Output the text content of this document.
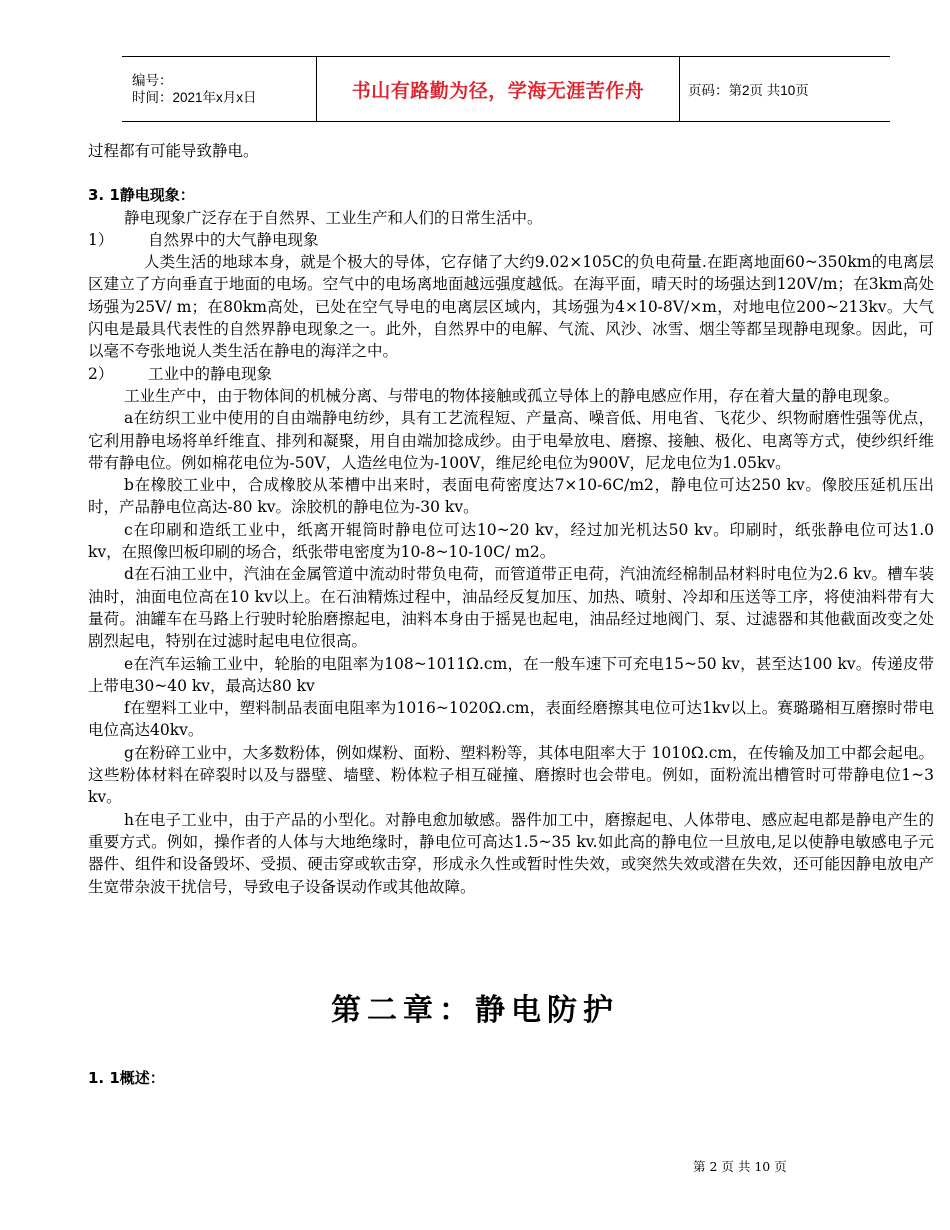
编号：
时间：2021年x月x日	书山有路勤为径，学海无涯苦作舟	页码：第2页 共10页

过程都有可能导致静电。

3. 1静电现象：

静电现象广泛存在于自然界、工业生产和人们的日常生活中。

1）	自然界中的大气静电现象

人类生活的地球本身，就是个极大的导体，它存储了大约9.02×105C的负电荷量.在距离地面60~350km的电离层区建立了方向垂直于地面的电场。空气中的电场离地面越远强度越低。在海平面，晴天时的场强达到120V/m；在3km高处场强为25V/ m；在80km高处，已处在空气导电的电离层区域内，其场强为4×10-8V/×m，对地电位200~213kv。大气闪电是最具代表性的自然界静电现象之一。此外，自然界中的电解、气流、风沙、冰雪、烟尘等都呈现静电现象。因此，可以毫不夸张地说人类生活在静电的海洋之中。

2）	工业中的静电现象

工业生产中，由于物体间的机械分离、与带电的物体接触或孤立导体上的静电感应作用，存在着大量的静电现象。

a在纺织工业中使用的自由端静电纺纱，具有工艺流程短、产量高、噪音低、用电省、飞花少、织物耐磨性强等优点，它利用静电场将单纤维直、排列和凝聚，用自由端加捻成纱。由于电晕放电、磨擦、接触、极化、电离等方式，使纱织纤维带有静电位。例如棉花电位为-50V，人造丝电位为-100V，维尼纶电位为900V，尼龙电位为1.05kv。

b在橡胶工业中，合成橡胶从苯槽中出来时，表面电荷密度达7×10-6C/m2，静电位可达250 kv。像胶压延机压出时，产品静电位高达-80 kv。涂胶机的静电位为-30 kv。

c在印刷和造纸工业中，纸离开辊筒时静电位可达10~20 kv，经过加光机达50 kv。印刷时，纸张静电位可达1.0 kv，在照像凹板印刷的场合，纸张带电密度为10-8~10-10C/ m2。

d在石油工业中，汽油在金属管道中流动时带负电荷，而管道带正电荷，汽油流经棉制品材料时电位为2.6 kv。槽车装油时，油面电位高在10 kv以上。在石油精炼过程中，油品经反复加压、加热、喷射、冷却和压送等工序，将使油料带有大量荷。油罐车在马路上行驶时轮胎磨擦起电，油料本身由于摇晃也起电，油品经过地阀门、泵、过滤器和其他截面改变之处剧烈起电，特别在过滤时起电电位很高。

e在汽车运输工业中，轮胎的电阻率为108~1011Ω.cm，在一般车速下可充电15~50 kv，甚至达100 kv。传递皮带上带电30~40 kv，最高达80 kv

f在塑料工业中，塑料制品表面电阻率为1016~1020Ω.cm，表面经磨擦其电位可达1kv以上。赛璐璐相互磨擦时带电电位高达40kv。

g在粉碎工业中，大多数粉体，例如煤粉、面粉、塑料粉等，其体电阻率大于 1010Ω.cm，在传输及加工中都会起电。这些粉体材料在碎裂时以及与器壁、墙壁、粉体粒子相互碰撞、磨擦时也会带电。例如，面粉流出槽管时可带静电位1~3 kv。

h在电子工业中，由于产品的小型化。对静电愈加敏感。器件加工中，磨擦起电、人体带电、感应起电都是静电产生的重要方式。例如，操作者的人体与大地绝缘时，静电位可高达1.5~35 kv.如此高的静电位一旦放电,足以使静电敏感电子元器件、组件和设备毁坏、受损、硬击穿或软击穿，形成永久性或暂时性失效，或突然失效或潜在失效，还可能因静电放电产生宽带杂波干扰信号，导致电子设备误动作或其他故障。

第二章：静电防护
1. 1概述：
第 2 页 共 10 页
